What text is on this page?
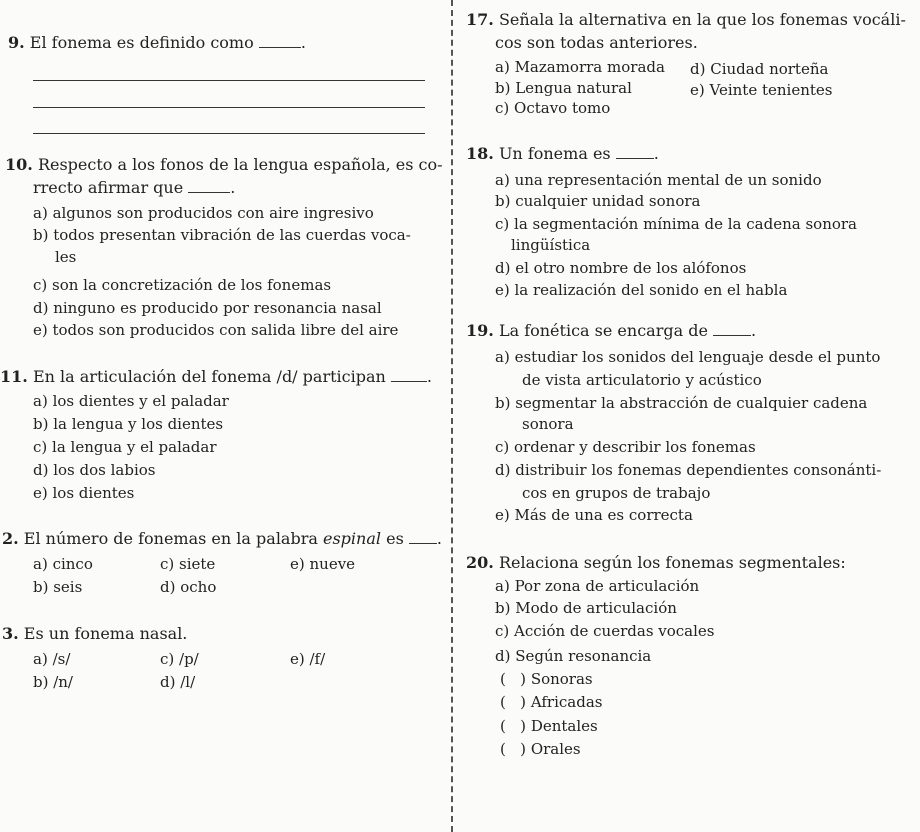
9. El fonema es definido como	.
10. Respecto a los fonos de la lengua española, es co-
rrecto afirmar que	.
a) algunos son producidos con aire ingresivo
b) todos presentan vibración de las cuerdas voca-
les
c) son la concretización de los fonemas
d) ninguno es producido por resonancia nasal
e) todos son producidos con salida libre del aire
11. En la articulación del fonema /d/ participan	.
a) los dientes y el paladar
b) la lengua y los dientes
c) la lengua y el paladar
d) los dos labios
e) los dientes
2. El número de fonemas en la palabra espinal es .
a) cinco	c) siete	e) nueve
b) seis	d) ocho
3. Es un fonema nasal.
a) /s/	c) /p/	e) /f/
b) /n/	d) /l/
17. Señala la alternativa en la que los fonemas vocáli-
cos son todas anteriores.
a) Mazamorra morada d) Ciudad norteña
b) Lengua natural	e) Veinte tenientes
c) Octavo tomo
18. Un fonema es	.
a) una representación mental de un sonido
b) cualquier unidad sonora
c) la segmentación mínima de la cadena sonora
lingüística
d) el otro nombre de los alófonos
e) la realización del sonido en el habla
19. La fonética se encarga de	.
a) estudiar los sonidos del lenguaje desde el punto
de vista articulatorio y acústico
b) segmentar la abstracción de cualquier cadena
sonora
c) ordenar y describir los fonemas
d) distribuir los fonemas dependientes consonánti-
cos en grupos de trabajo
e) Más de una es correcta
20. Relaciona según los fonemas segmentales:
a) Por zona de articulación
b) Modo de articulación
c) Acción de cuerdas vocales
d) Según resonancia
( ) Sonoras
( ) Africadas
( ) Dentales
( ) Orales
